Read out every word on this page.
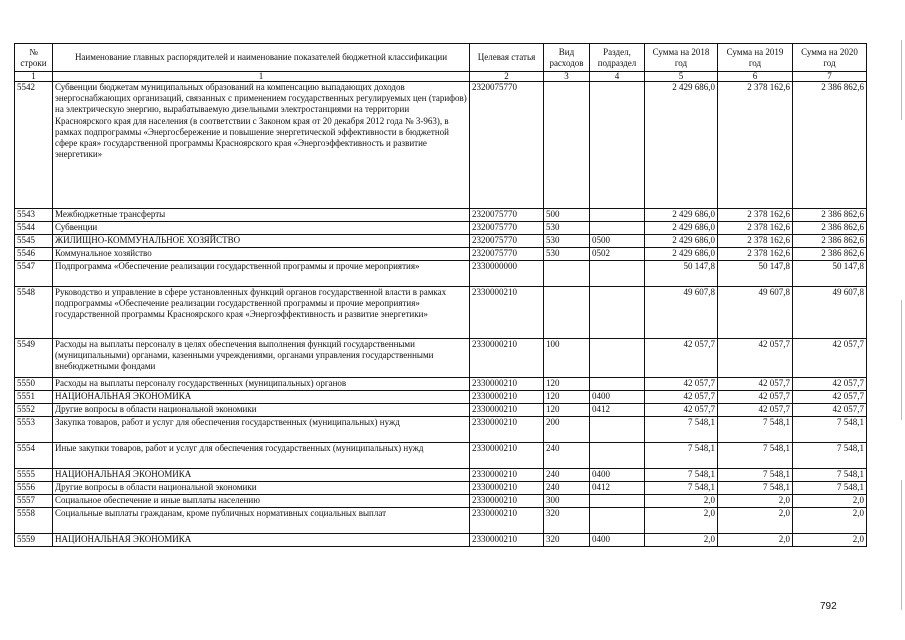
№ строки	Наименование главных распорядителей и наименование показателей бюджетной классификации	Целевая статья	Вид расходов	Раздел, подраздел	Сумма на 2018 год	Сумма на 2019 год	Сумма на 2020 год
1	1	2	3	4	5	6	7
5542	Субвенции бюджетам муниципальных образований на компенсацию выпадающих доходов энергоснабжающих организаций, связанных с применением государственных регулируемых цен (тарифов) на электрическую энергию, вырабатываемую дизельными электростанциями на территории Красноярского края для населения (в соответствии с Законом края от 20 декабря 2012 года № 3-963), в рамках подпрограммы «Энергосбережение и повышение энергетической эффективности в бюджетной сфере края» государственной программы Красноярского края «Энергоэффективность и развитие энергетики»	2320075770			2 429 686,0	2 378 162,6	2 386 862,6
5543	Межбюджетные трансферты	2320075770	500		2 429 686,0	2 378 162,6	2 386 862,6
5544	Субвенции	2320075770	530		2 429 686,0	2 378 162,6	2 386 862,6
5545	ЖИЛИЩНО-КОММУНАЛЬНОЕ ХОЗЯЙСТВО	2320075770	530	0500	2 429 686,0	2 378 162,6	2 386 862,6
5546	Коммунальное хозяйство	2320075770	530	0502	2 429 686,0	2 378 162,6	2 386 862,6
5547	Подпрограмма «Обеспечение реализации государственной программы и прочие мероприятия»	2330000000			50 147,8	50 147,8	50 147,8
5548	Руководство и управление в сфере установленных функций органов государственной власти в рамках подпрограммы «Обеспечение реализации государственной программы и прочие мероприятия» государственной программы Красноярского края «Энергоэффективность и развитие энергетики»	2330000210			49 607,8	49 607,8	49 607,8
5549	Расходы на выплаты персоналу в целях обеспечения выполнения функций государственными (муниципальными) органами, казенными учреждениями, органами управления государственными внебюджетными фондами	2330000210	100		42 057,7	42 057,7	42 057,7
5550	Расходы на выплаты персоналу государственных (муниципальных) органов	2330000210	120		42 057,7	42 057,7	42 057,7
5551	НАЦИОНАЛЬНАЯ ЭКОНОМИКА	2330000210	120	0400	42 057,7	42 057,7	42 057,7
5552	Другие вопросы в области национальной экономики	2330000210	120	0412	42 057,7	42 057,7	42 057,7
5553	Закупка товаров, работ и услуг для обеспечения государственных (муниципальных) нужд	2330000210	200		7 548,1	7 548,1	7 548,1
5554	Иные закупки товаров, работ и услуг для обеспечения государственных (муниципальных) нужд	2330000210	240		7 548,1	7 548,1	7 548,1
5555	НАЦИОНАЛЬНАЯ ЭКОНОМИКА	2330000210	240	0400	7 548,1	7 548,1	7 548,1
5556	Другие вопросы в области национальной экономики	2330000210	240	0412	7 548,1	7 548,1	7 548,1
5557	Социальное обеспечение и иные выплаты населению	2330000210	300		2,0	2,0	2,0
5558	Социальные выплаты гражданам, кроме публичных нормативных социальных выплат	2330000210	320		2,0	2,0	2,0
5559	НАЦИОНАЛЬНАЯ ЭКОНОМИКА	2330000210	320	0400	2,0	2,0	2,0
792
